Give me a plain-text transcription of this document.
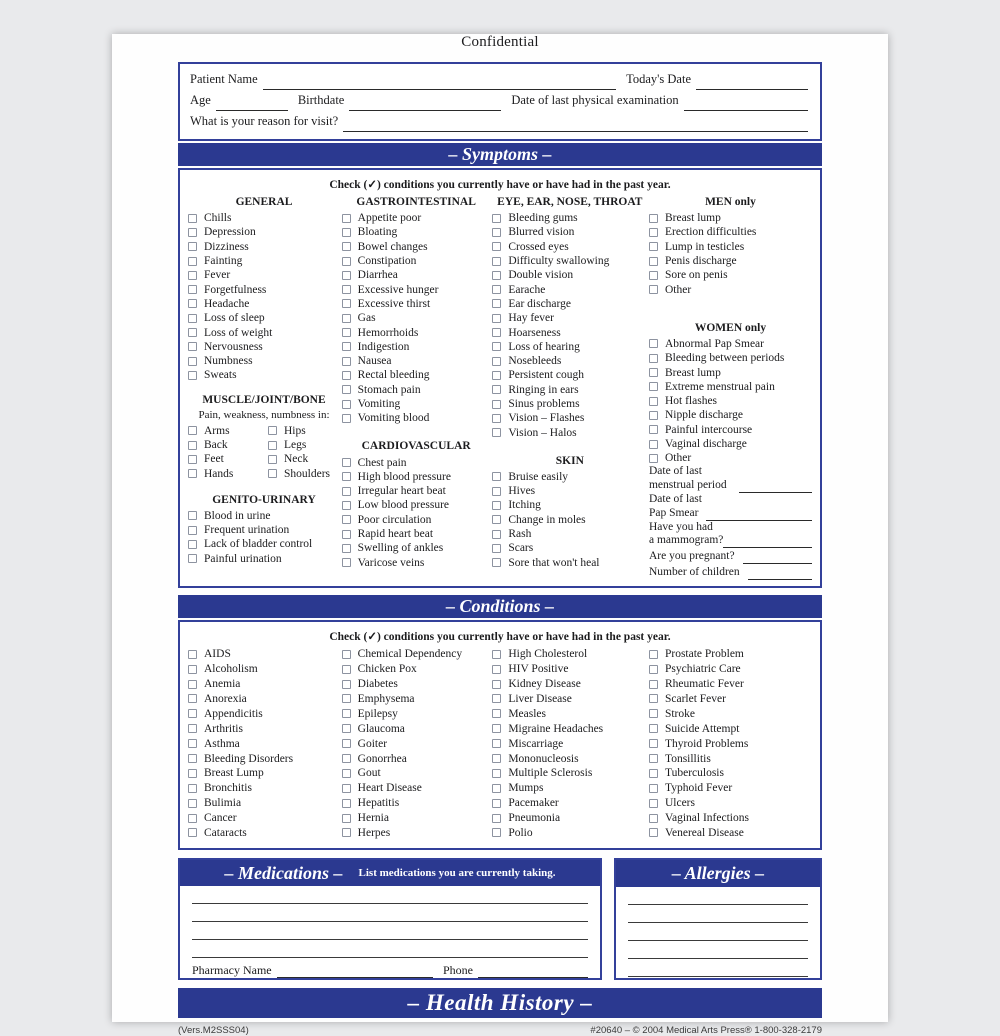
Confidential
Patient Name	Today's Date
Age	Birthdate	Date of last physical examination
What is your reason for visit?
– Symptoms –
Check (✓) conditions you currently have or have had in the past year.
GENERAL
Chills
Depression
Dizziness
Fainting
Fever
Forgetfulness
Headache
Loss of sleep
Loss of weight
Nervousness
Numbness
Sweats
MUSCLE/JOINT/BONE
Pain, weakness, numbness in:
Arms
Back
Feet
Hands
Hips
Legs
Neck
Shoulders
GENITO-URINARY
Blood in urine
Frequent urination
Lack of bladder control
Painful urination
GASTROINTESTINAL
Appetite poor
Bloating
Bowel changes
Constipation
Diarrhea
Excessive hunger
Excessive thirst
Gas
Hemorrhoids
Indigestion
Nausea
Rectal bleeding
Stomach pain
Vomiting
Vomiting blood
CARDIOVASCULAR
Chest pain
High blood pressure
Irregular heart beat
Low blood pressure
Poor circulation
Rapid heart beat
Swelling of ankles
Varicose veins
EYE, EAR, NOSE, THROAT
Bleeding gums
Blurred vision
Crossed eyes
Difficulty swallowing
Double vision
Earache
Ear discharge
Hay fever
Hoarseness
Loss of hearing
Nosebleeds
Persistent cough
Ringing in ears
Sinus problems
Vision – Flashes
Vision – Halos
SKIN
Bruise easily
Hives
Itching
Change in moles
Rash
Scars
Sore that won't heal
MEN only
Breast lump
Erection difficulties
Lump in testicles
Penis discharge
Sore on penis
Other
WOMEN only
Abnormal Pap Smear
Bleeding between periods
Breast lump
Extreme menstrual pain
Hot flashes
Nipple discharge
Painful intercourse
Vaginal discharge
Other
Date of last
menstrual period
Date of last
Pap Smear
Have you had
a mammogram?
Are you pregnant?
Number of children
– Conditions –
Check (✓) conditions you currently have or have had in the past year.
AIDS
Alcoholism
Anemia
Anorexia
Appendicitis
Arthritis
Asthma
Bleeding Disorders
Breast Lump
Bronchitis
Bulimia
Cancer
Cataracts
Chemical Dependency
Chicken Pox
Diabetes
Emphysema
Epilepsy
Glaucoma
Goiter
Gonorrhea
Gout
Heart Disease
Hepatitis
Hernia
Herpes
High Cholesterol
HIV Positive
Kidney Disease
Liver Disease
Measles
Migraine Headaches
Miscarriage
Mononucleosis
Multiple Sclerosis
Mumps
Pacemaker
Pneumonia
Polio
Prostate Problem
Psychiatric Care
Rheumatic Fever
Scarlet Fever
Stroke
Suicide Attempt
Thyroid Problems
Tonsillitis
Tuberculosis
Typhoid Fever
Ulcers
Vaginal Infections
Venereal Disease
– Medications – List medications you are currently taking.
Pharmacy Name	Phone
– Allergies –
– Health History –
(Vers.M2SSS04)	#20640 – © 2004 Medical Arts Press® 1-800-328-2179
